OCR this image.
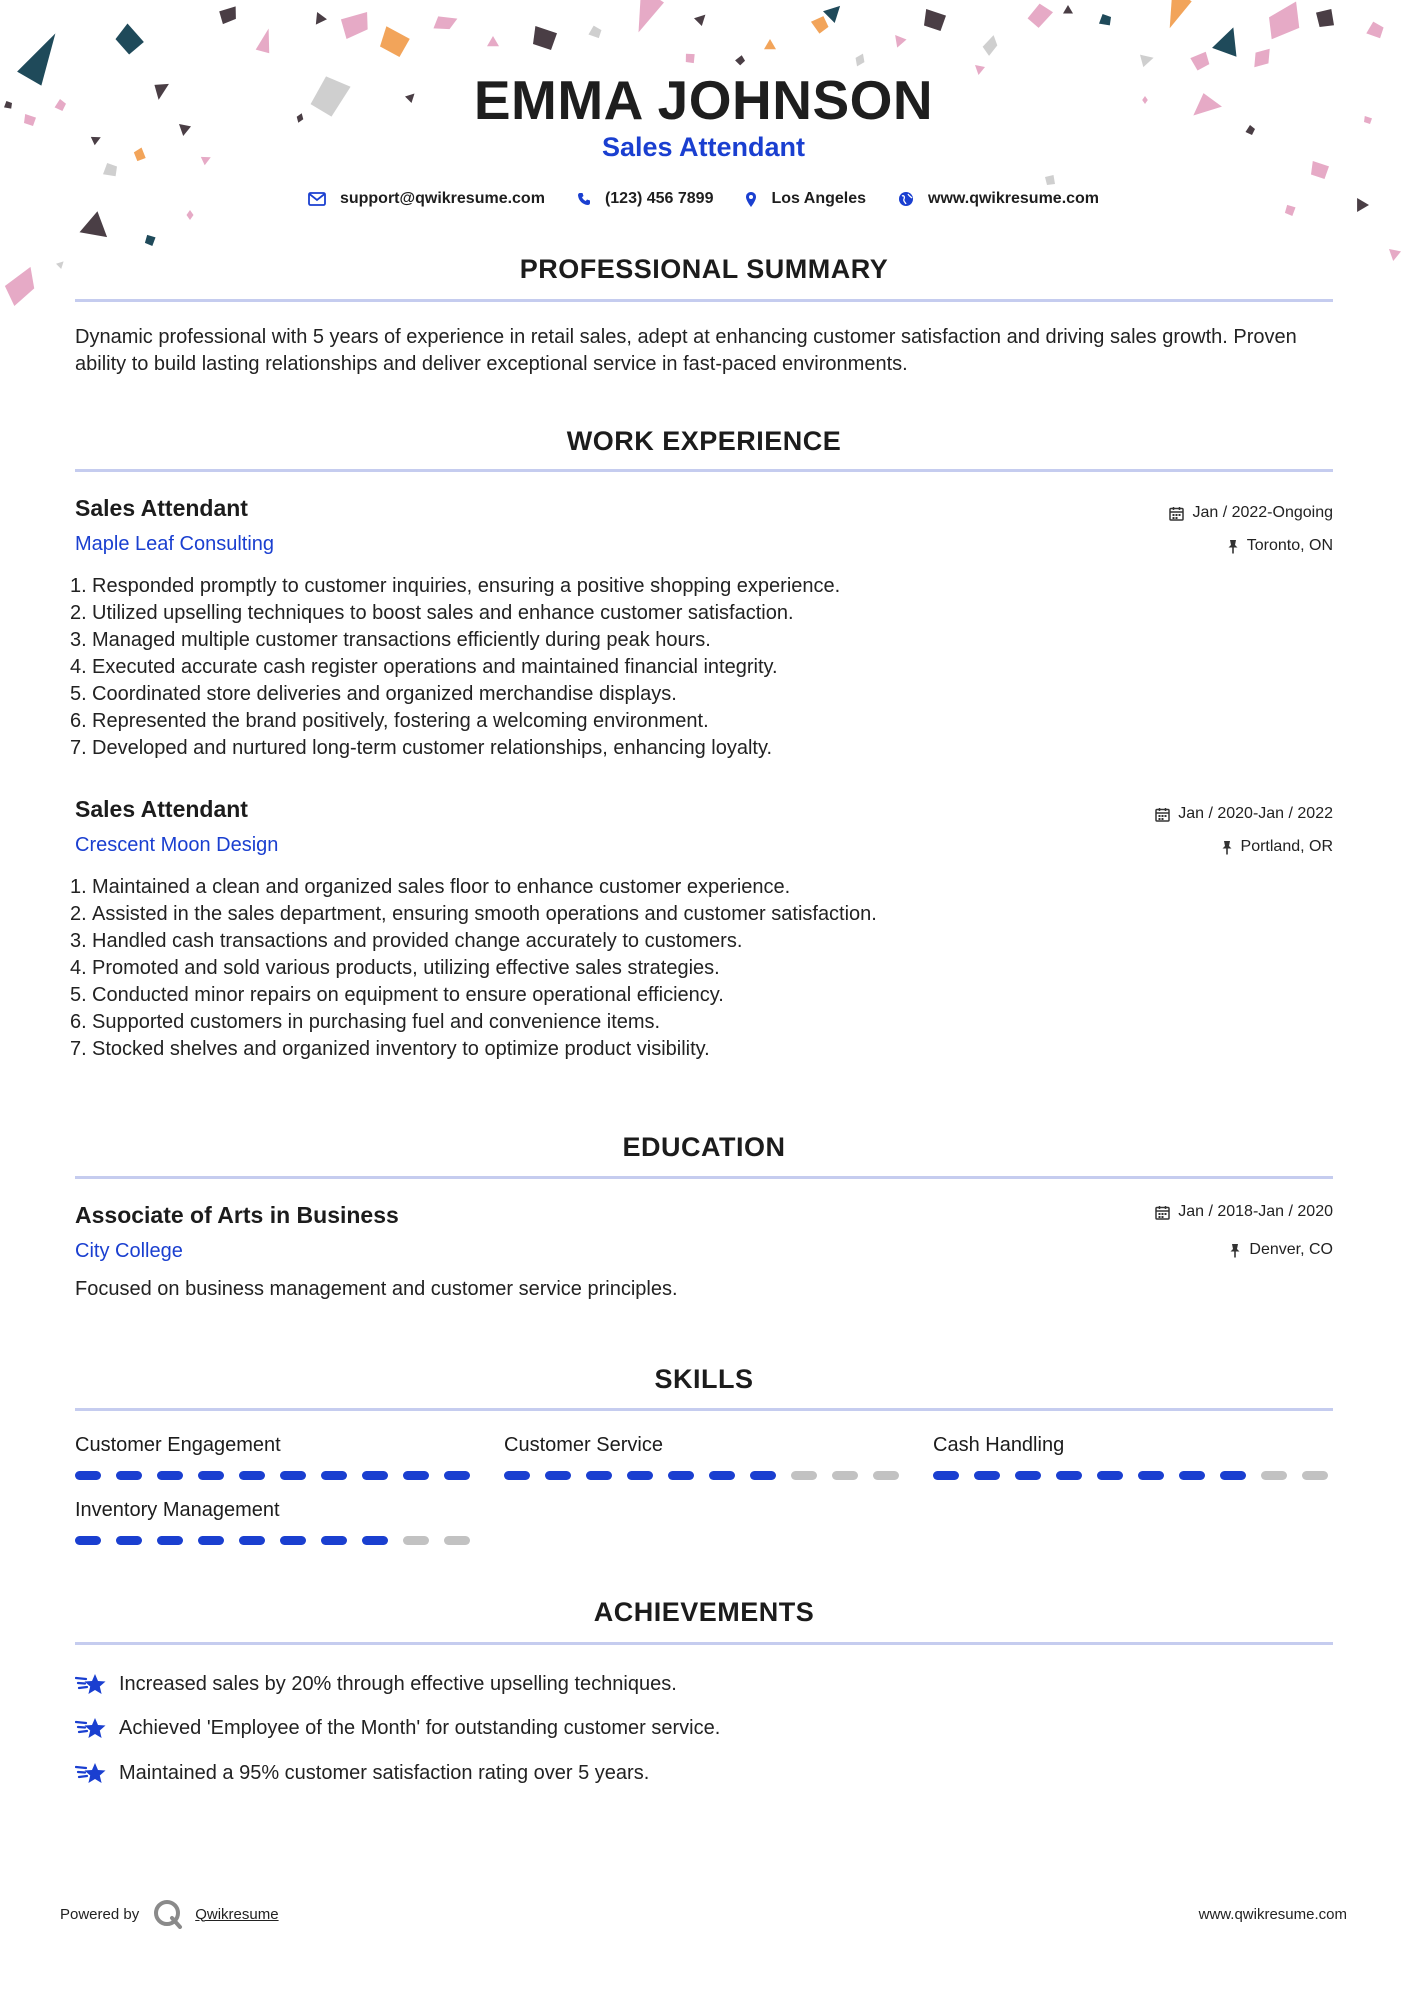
EMMA JOHNSON
Sales Attendant
support@qwikresume.com	(123) 456 7899	Los Angeles	www.qwikresume.com
PROFESSIONAL SUMMARY
Dynamic professional with 5 years of experience in retail sales, adept at enhancing customer satisfaction and driving sales growth. Proven ability to build lasting relationships and deliver exceptional service in fast-paced environments.
WORK EXPERIENCE
Sales Attendant
Maple Leaf Consulting
Jan / 2022-Ongoing
Toronto, ON
1. Responded promptly to customer inquiries, ensuring a positive shopping experience.
2. Utilized upselling techniques to boost sales and enhance customer satisfaction.
3. Managed multiple customer transactions efficiently during peak hours.
4. Executed accurate cash register operations and maintained financial integrity.
5. Coordinated store deliveries and organized merchandise displays.
6. Represented the brand positively, fostering a welcoming environment.
7. Developed and nurtured long-term customer relationships, enhancing loyalty.
Sales Attendant
Crescent Moon Design
Jan / 2020-Jan / 2022
Portland, OR
1. Maintained a clean and organized sales floor to enhance customer experience.
2. Assisted in the sales department, ensuring smooth operations and customer satisfaction.
3. Handled cash transactions and provided change accurately to customers.
4. Promoted and sold various products, utilizing effective sales strategies.
5. Conducted minor repairs on equipment to ensure operational efficiency.
6. Supported customers in purchasing fuel and convenience items.
7. Stocked shelves and organized inventory to optimize product visibility.
EDUCATION
Associate of Arts in Business
City College
Jan / 2018-Jan / 2020
Denver, CO
Focused on business management and customer service principles.
SKILLS
Customer Engagement	Customer Service	Cash Handling
Inventory Management
ACHIEVEMENTS
Increased sales by 20% through effective upselling techniques.
Achieved 'Employee of the Month' for outstanding customer service.
Maintained a 95% customer satisfaction rating over 5 years.
Powered by	Qwikresume	www.qwikresume.com
